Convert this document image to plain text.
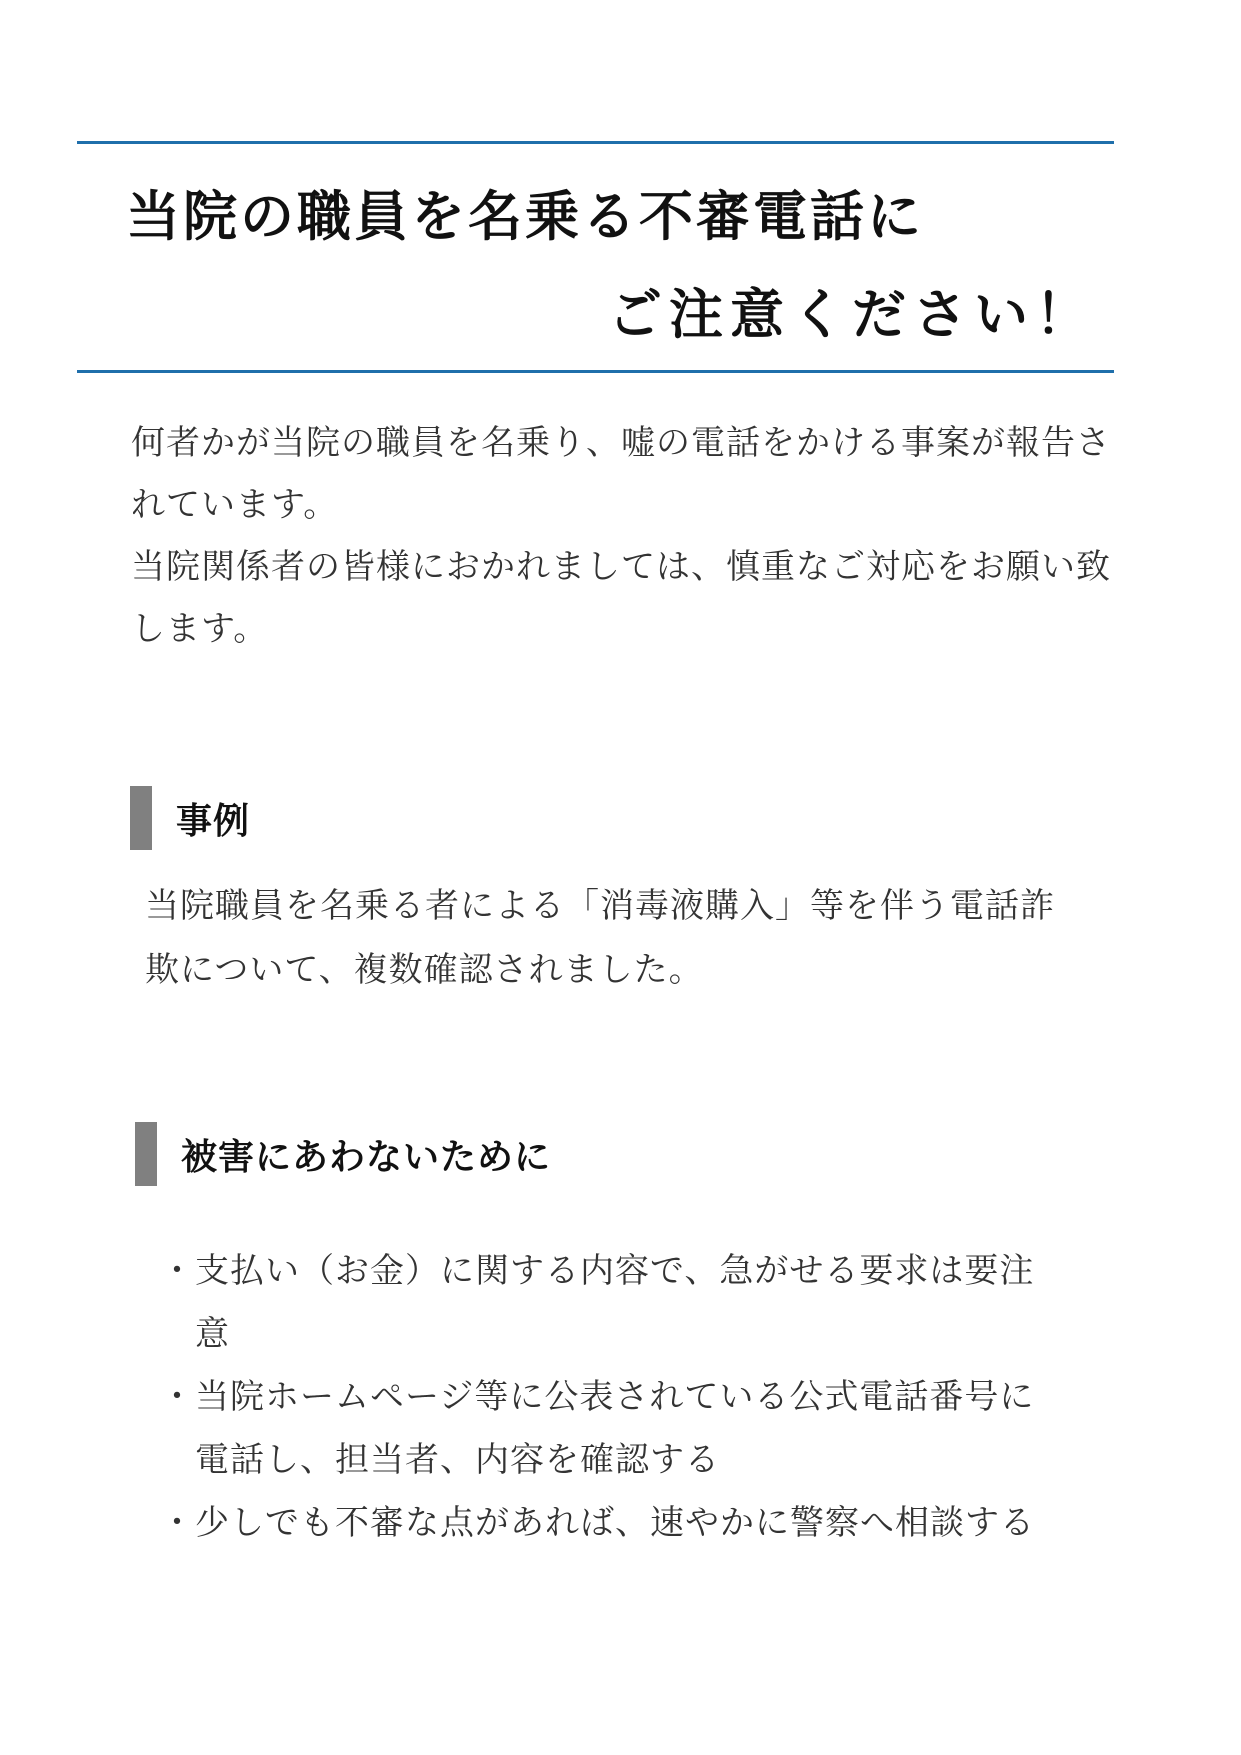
当院の職員を名乗る不審電話に
ご注意ください！

何者かが当院の職員を名乗り、嘘の電話をかける事案が報告されています。

当院関係者の皆様におかれましては、慎重なご対応をお願い致します。

事例
当院職員を名乗る者による「消毒液購入」等を伴う電話詐欺について、複数確認されました。
被害にあわないために
・ 支払い（お金）に関する内容で、急がせる要求は要注意
・ 当院ホームページ等に公表されている公式電話番号に電話し、担当者、内容を確認する
・ 少しでも不審な点があれば、速やかに警察へ相談する
